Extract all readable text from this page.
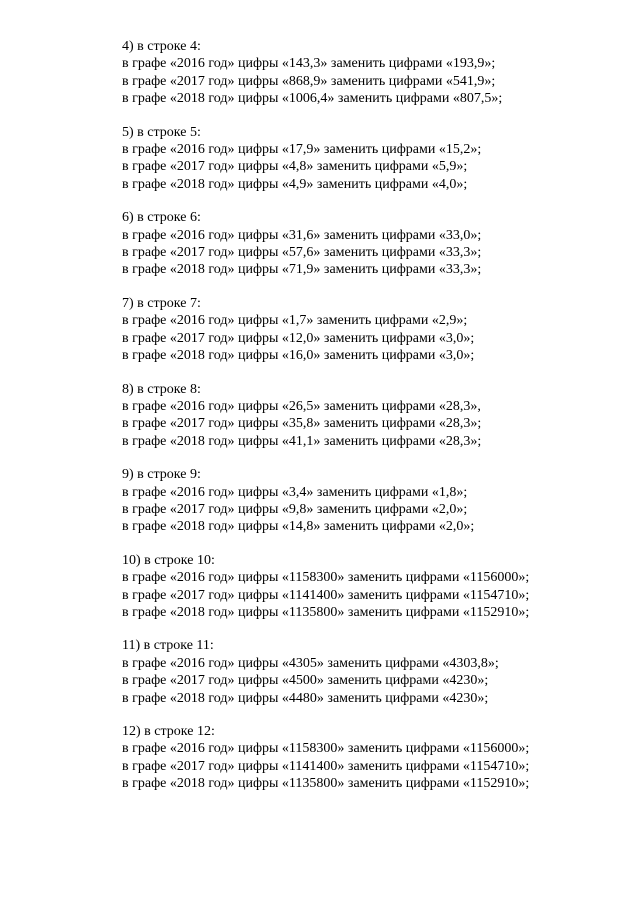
4) в строке 4:
в графе «2016 год» цифры «143,3» заменить цифрами «193,9»;
в графе «2017 год» цифры «868,9» заменить цифрами «541,9»;
в графе «2018 год» цифры «1006,4» заменить цифрами «807,5»;
5) в строке 5:
в графе «2016 год» цифры «17,9» заменить цифрами «15,2»;
в графе «2017 год» цифры «4,8» заменить цифрами «5,9»;
в графе «2018 год» цифры «4,9» заменить цифрами «4,0»;
6) в строке 6:
в графе «2016 год» цифры «31,6» заменить цифрами «33,0»;
в графе «2017 год» цифры «57,6» заменить цифрами «33,3»;
в графе «2018 год» цифры «71,9» заменить цифрами «33,3»;
7) в строке 7:
в графе «2016 год» цифры «1,7» заменить цифрами «2,9»;
в графе «2017 год» цифры «12,0» заменить цифрами «3,0»;
в графе «2018 год» цифры «16,0» заменить цифрами «3,0»;
8) в строке 8:
в графе «2016 год» цифры «26,5» заменить цифрами «28,3»,
в графе «2017 год» цифры «35,8» заменить цифрами «28,3»;
в графе «2018 год» цифры «41,1» заменить цифрами «28,3»;
9) в строке 9:
в графе «2016 год» цифры «3,4» заменить цифрами «1,8»;
в графе «2017 год» цифры «9,8» заменить цифрами «2,0»;
в графе «2018 год» цифры «14,8» заменить цифрами «2,0»;
10) в строке 10:
в графе «2016 год» цифры «1158300» заменить цифрами «1156000»;
в графе «2017 год» цифры «1141400» заменить цифрами «1154710»;
в графе «2018 год» цифры «1135800» заменить цифрами «1152910»;
11) в строке 11:
в графе «2016 год» цифры «4305» заменить цифрами «4303,8»;
в графе «2017 год» цифры «4500» заменить цифрами «4230»;
в графе «2018 год» цифры «4480» заменить цифрами «4230»;
12) в строке 12:
в графе «2016 год» цифры «1158300» заменить цифрами «1156000»;
в графе «2017 год» цифры «1141400» заменить цифрами «1154710»;
в графе «2018 год» цифры «1135800» заменить цифрами «1152910»;
